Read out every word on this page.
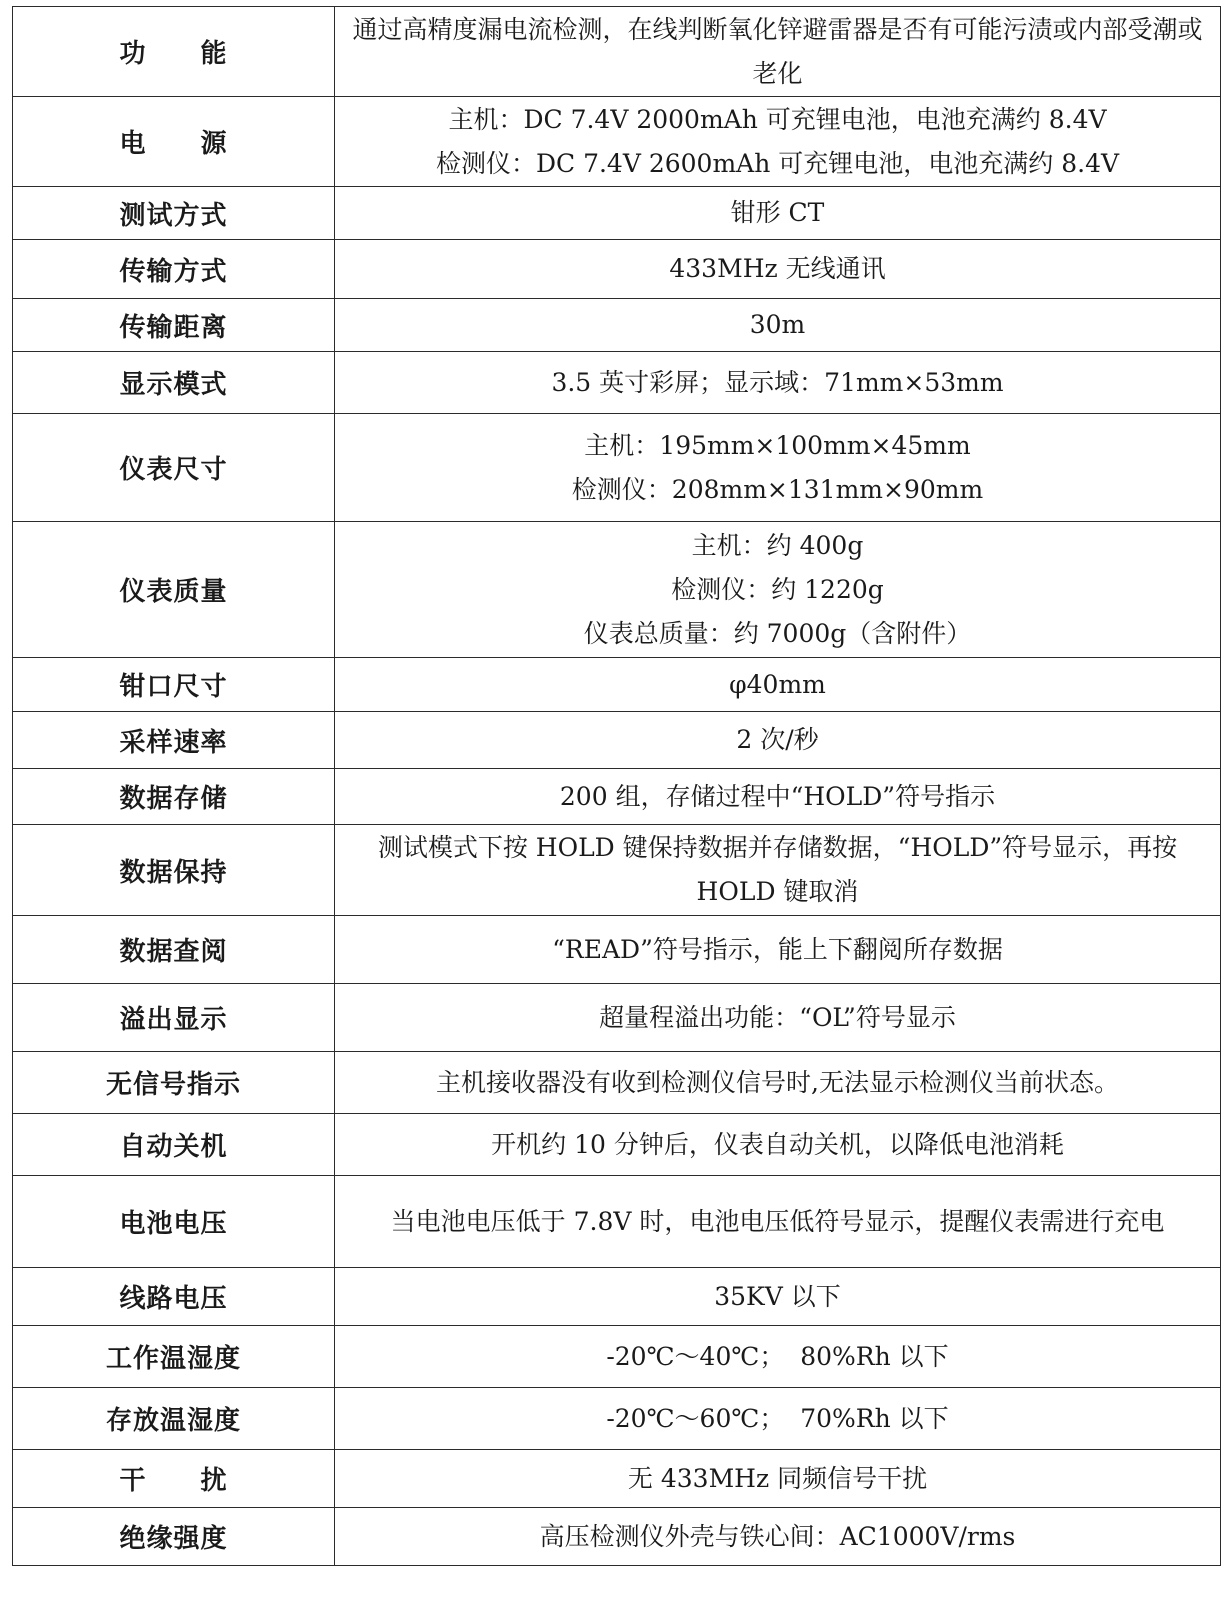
功　　能	通过高精度漏电流检测，在线判断氧化锌避雷器是否有可能污渍或内部受潮或老化

电　　源	主机：DC 7.4V 2000mAh 可充锂电池，电池充满约 8.4V
检测仪：DC 7.4V 2600mAh 可充锂电池，电池充满约 8.4V

测试方式	钳形 CT

传输方式	433MHz 无线通讯

传输距离	30m

显示模式	3.5 英寸彩屏；显示域：71mm×53mm

仪表尺寸	主机：195mm×100mm×45mm
检测仪：208mm×131mm×90mm

仪表质量	主机：约 400g
检测仪：约 1220g
仪表总质量：约 7000g（含附件）

钳口尺寸	φ40mm

采样速率	2 次/秒

数据存储	200 组，存储过程中“HOLD”符号指示

数据保持	测试模式下按 HOLD 键保持数据并存储数据，“HOLD”符号显示，再按 HOLD 键取消

数据查阅	“READ”符号指示，能上下翻阅所存数据

溢出显示	超量程溢出功能：“OL”符号显示

无信号指示	主机接收器没有收到检测仪信号时,无法显示检测仪当前状态。

自动关机	开机约 10 分钟后，仪表自动关机，以降低电池消耗

电池电压	当电池电压低于 7.8V 时，电池电压低符号显示，提醒仪表需进行充电

线路电压	35KV 以下

工作温湿度	-20℃～40℃；  80%Rh 以下

存放温湿度	-20℃～60℃；  70%Rh 以下

干　　扰	无 433MHz 同频信号干扰

绝缘强度	高压检测仪外壳与铁心间：AC1000V/rms
